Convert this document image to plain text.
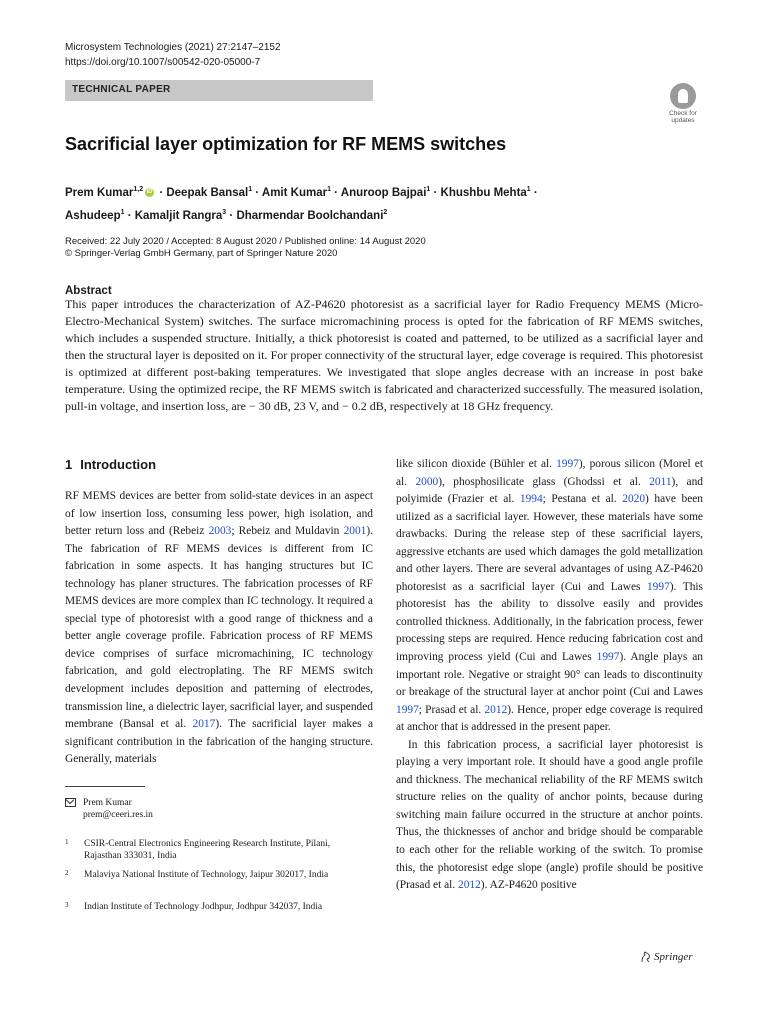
Microsystem Technologies (2021) 27:2147–2152
https://doi.org/10.1007/s00542-020-05000-7
TECHNICAL PAPER
Check for updates
Sacrificial layer optimization for RF MEMS switches
Prem Kumar$^{1,2}$ iD · Deepak Bansal$^1$ · Amit Kumar$^1$ · Anuroop Bajpai$^1$ · Khushbu Mehta$^1$ ·
Ashudeep$^1$ · Kamaljit Rangra$^3$ · Dharmendar Boolchandani$^2$
Received: 22 July 2020 / Accepted: 8 August 2020 / Published online: 14 August 2020
© Springer-Verlag GmbH Germany, part of Springer Nature 2020
Abstract
This paper introduces the characterization of AZ-P4620 photoresist as a sacrificial layer for Radio Frequency MEMS (Micro-Electro-Mechanical System) switches. The surface micromachining process is opted for the fabrication of RF MEMS switches, which includes a suspended structure. Initially, a thick photoresist is coated and patterned, to be utilized as a sacrificial layer and then the structural layer is deposited on it. For proper connectivity of the structural layer, edge coverage is required. This photoresist is optimized at different post-baking temperatures. We investigated that slope angles decrease with an increase in post bake temperature. Using the optimized recipe, the RF MEMS switch is fabricated and characterized successfully. The measured isolation, pull-in voltage, and insertion loss, are − 30 dB, 23 V, and − 0.2 dB, respectively at 18 GHz frequency.
1 Introduction

RF MEMS devices are better from solid-state devices in an aspect of low insertion loss, consuming less power, high isolation, and better return loss and (Rebeiz 2003; Rebeiz and Muldavin 2001). The fabrication of RF MEMS devices is different from IC fabrication in some aspects. It has hanging structures but IC technology has planer structures. The fabrication processes of RF MEMS devices are more complex than IC technology. It required a special type of photoresist with a good range of thickness and a better angle coverage profile. Fabrication process of RF MEMS device comprises of surface micromachining, IC technology fabrication, and gold electroplating. The RF MEMS switch development includes deposition and patterning of electrodes, transmission line, a dielectric layer, sacrificial layer, and suspended membrane (Bansal et al. 2017). The sacrificial layer makes a significant contribution in the fabrication of the hanging structure. Generally, materials

like silicon dioxide (Bühler et al. 1997), porous silicon (Morel et al. 2000), phosphosilicate glass (Ghodssi et al. 2011), and polyimide (Frazier et al. 1994; Pestana et al. 2020) have been utilized as a sacrificial layer. However, these materials have some drawbacks. During the release step of these sacrificial layers, aggressive etchants are used which damages the gold metallization and other layers. There are several advantages of using AZ-P4620 photoresist as a sacrificial layer (Cui and Lawes 1997). This photoresist has the ability to dissolve easily and provides controlled thickness. Additionally, in the fabrication process, fewer processing steps are required. Hence reducing fabrication cost and improving process yield (Cui and Lawes 1997). Angle plays an important role. Negative or straight 90° can leads to discontinuity or breakage of the structural layer at anchor point (Cui and Lawes 1997; Prasad et al. 2012). Hence, proper edge coverage is required at anchor that is addressed in the present paper.

In this fabrication process, a sacrificial layer photoresist is playing a very important role. It should have a good angle profile and thickness. The mechanical reliability of the RF MEMS switch structure relies on the quality of anchor points, because during switching main failure occurred in the structure at anchor points. Thus, the thicknesses of anchor and bridge should be comparable to each other for the reliable working of the switch. To promise this, the photoresist edge slope (angle) profile should be positive (Prasad et al. 2012). AZ-P4620 positive

Prem Kumar
prem@ceeri.res.in
1 CSIR-Central Electronics Engineering Research Institute, Pilani, Rajasthan 333031, India
2 Malaviya National Institute of Technology, Jaipur 302017, India
3 Indian Institute of Technology Jodhpur, Jodhpur 342037, India
Springer
